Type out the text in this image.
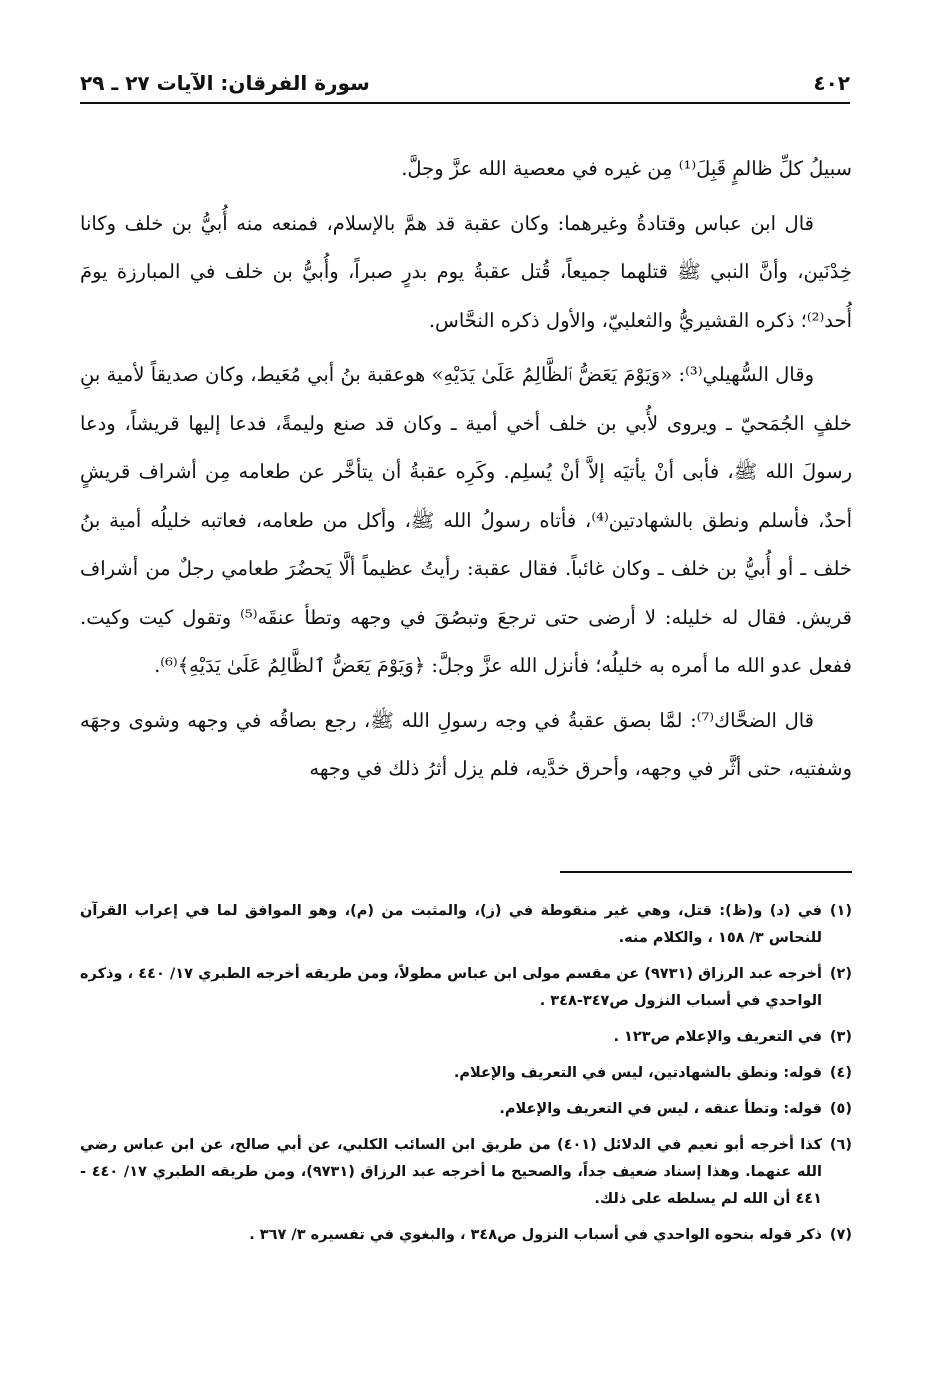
٤٠٢
سورة الفرقان: الآيات ٢٧ ـ ٢٩

سبيلُ كلِّ ظالمٍ قَبِلَ⁽¹⁾ مِن غيره في معصية الله عزَّ وجلَّ.

قال ابن عباس وقتادةُ وغيرهما: وكان عقبة قد همَّ بالإسلام، فمنعه منه أُبيُّ بن خلف وكانا خِدْنَين، وأنَّ النبي ﷺ قتلهما جميعاً، قُتل عقبةُ يوم بدرٍ صبراً، وأُبيُّ بن خلف في المبارزة يومَ أُحد⁽²⁾؛ ذكره القشيريُّ والثعلبيّ، والأول ذكره النحَّاس.

وقال السُّهيلي⁽³⁾: «وَيَوْمَ يَعَضُّ ٱلظَّالِمُ عَلَىٰ يَدَيْهِ» هوعقبة بنُ أبي مُعَيط، وكان صديقاً لأمية بنِ خلفٍ الجُمَحيّ ـ ويروى لأُبي بن خلف أخي أمية ـ وكان قد صنع وليمةً، فدعا إليها قريشاً، ودعا رسولَ الله ﷺ، فأبى أنْ يأتيَه إلاَّ أنْ يُسلِم. وكَرِه عقبةُ أن يتأخَّر عن طعامه مِن أشراف قريشٍ أحدٌ، فأسلم ونطق بالشهادتين⁽⁴⁾، فأتاه رسولُ الله ﷺ، وأكل من طعامه، فعاتبه خليلُه أمية بنُ خلف ـ أو أُبيُّ بن خلف ـ وكان غائباً. فقال عقبة: رأيتُ عظيماً ألَّا يَحضُرَ طعامي رجلٌ من أشراف قريش. فقال له خليله: لا أرضى حتى ترجعَ وتبصُقَ في وجهه وتطأ عنقَه⁽⁵⁾ وتقول كيت وكيت. ففعل عدو الله ما أمره به خليلُه؛ فأنزل الله عزَّ وجلَّ: ﴿وَيَوْمَ يَعَضُّ ٱلظَّالِمُ عَلَىٰ يَدَيْهِ﴾⁽⁶⁾.

قال الضحَّاك⁽⁷⁾: لمَّا بصق عقبةُ في وجه رسولِ الله ﷺ، رجع بصاقُه في وجهه وشوى وجهَه وشفتيه، حتى أثَّر في وجهه، وأحرق خدَّيه، فلم يزل أثرُ ذلك في وجهه

(١)
في (د) و(ظ): قتل، وهي غير منقوطة في (ز)، والمثبت من (م)، وهو الموافق لما في إعراب القرآن للنحاس ٣/ ١٥٨ ، والكلام منه.
(٢)
أخرجه عبد الرزاق (٩٧٣١) عن مقسم مولى ابن عباس مطولاً، ومن طريقه أخرجه الطبري ١٧/ ٤٤٠ ، وذكره الواحدي في أسباب النزول ص٣٤٧-٣٤٨ .
(٣)
في التعريف والإعلام ص١٢٣ .
(٤)
قوله: ونطق بالشهادتين، ليس في التعريف والإعلام.
(٥)
قوله: وتطأ عنقه ، ليس في التعريف والإعلام.
(٦)
كذا أخرجه أبو نعيم في الدلائل (٤٠١) من طريق ابن السائب الكلبي، عن أبي صالح، عن ابن عباس رضي الله عنهما. وهذا إسناد ضعيف جداً، والصحيح ما أخرجه عبد الرزاق (٩٧٣١)، ومن طريقه الطبري ١٧/ ٤٤٠ - ٤٤١ أن الله لم يسلطه على ذلك.
(٧)
ذكر قوله بنحوه الواحدي في أسباب النزول ص٣٤٨ ، والبغوي في تفسيره ٣/ ٣٦٧ .
